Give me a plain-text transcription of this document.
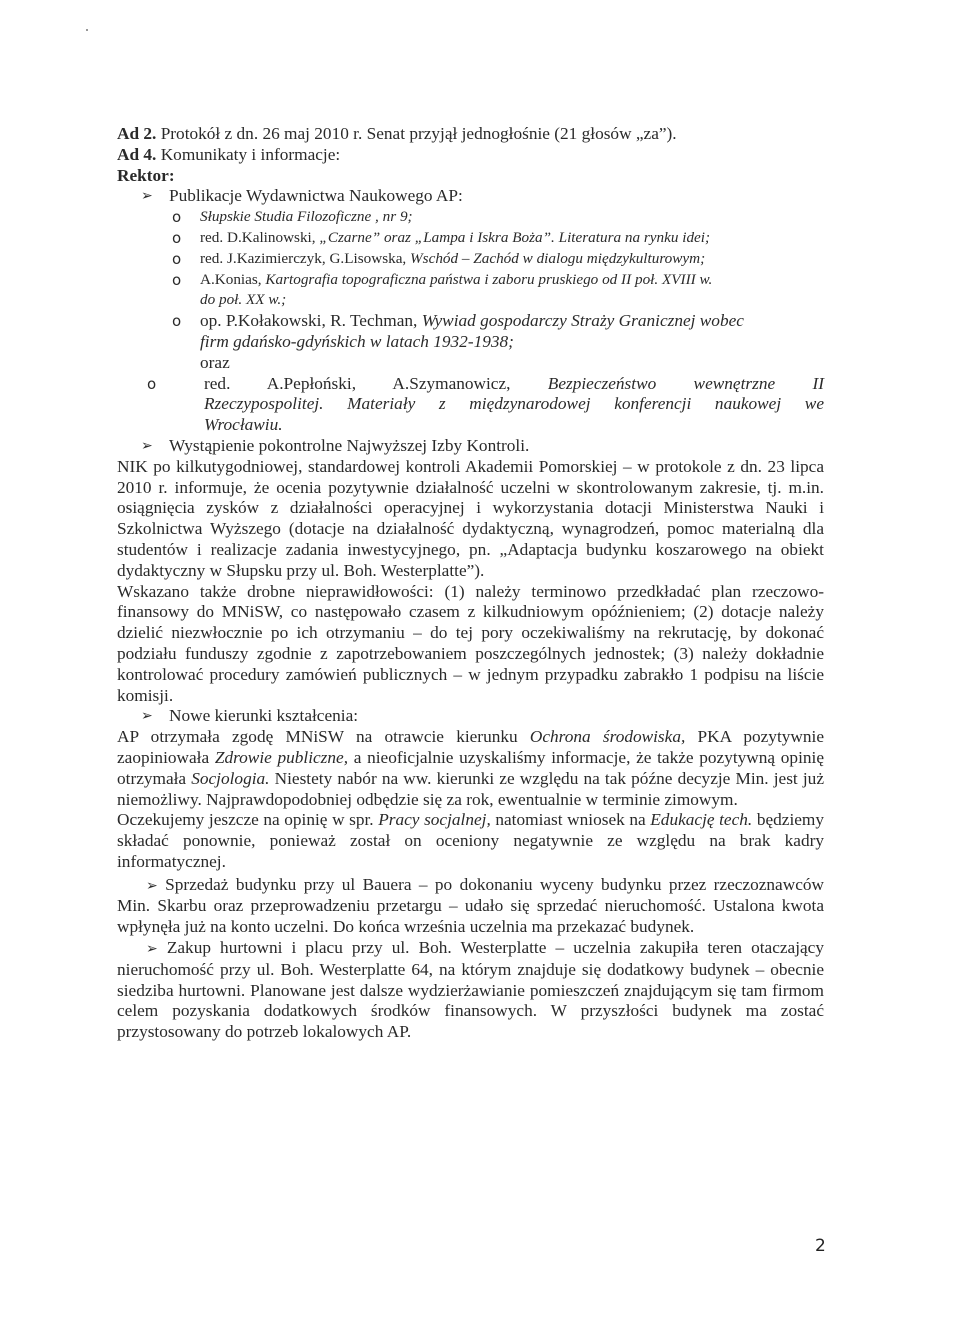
Ad 2. Protokół z dn. 26 maj 2010 r. Senat przyjął jednogłośnie (21 głosów „za”).
Ad 4. Komunikaty i informacje:
Rektor:
➢ Publikacje Wydawnictwa Naukowego AP:
o Słupskie Studia Filozoficzne , nr 9;
o red. D.Kalinowski, „Czarne” oraz „Lampa i Iskra Boża”. Literatura na rynku idei;
o red. J.Kazimierczyk, G.Lisowska, Wschód – Zachód w dialogu międzykulturowym;
o A.Konias, Kartografia topograficzna państwa i zaboru pruskiego od II poł. XVIII w.
do poł. XX w.;
o op. P.Kołakowski, R. Techman, Wywiad gospodarczy Straży Granicznej wobec
firm gdańsko-gdyńskich w latach 1932-1938;
oraz
o	red. A.Pepłoński, A.Szymanowicz, Bezpieczeństwo wewnętrzne II
Rzeczypospolitej. Materiały z międzynarodowej konferencji naukowej we
Wrocławiu.
➢ Wystąpienie pokontrolne Najwyższej Izby Kontroli.
NIK po kilkutygodniowej, standardowej kontroli Akademii Pomorskiej – w protokole z dn. 23 lipca 2010 r. informuje, że ocenia pozytywnie działalność uczelni w skontrolowanym zakresie, tj. m.in. osiągnięcia zysków z działalności operacyjnej i wykorzystania dotacji Ministerstwa Nauki i Szkolnictwa Wyższego (dotacje na działalność dydaktyczną, wynagrodzeń, pomoc materialną dla studentów i realizacje zadania inwestycyjnego, pn. „Adaptacja budynku koszarowego na obiekt dydaktyczny w Słupsku przy ul. Boh. Westerplatte”).
Wskazano także drobne nieprawidłowości: (1) należy terminowo przedkładać plan rzeczowo-finansowy do MNiSW, co następowało czasem z kilkudniowym opóźnieniem; (2) dotacje należy dzielić niezwłocznie po ich otrzymaniu – do tej pory oczekiwaliśmy na rekrutację, by dokonać podziału funduszy zgodnie z zapotrzebowaniem poszczególnych jednostek; (3) należy dokładnie kontrolować procedury zamówień publicznych – w jednym przypadku zabrakło 1 podpisu na liście komisji.
➢ Nowe kierunki kształcenia:
AP otrzymała zgodę MNiSW na otrawcie kierunku Ochrona środowiska, PKA pozytywnie zaopiniowała Zdrowie publiczne, a nieoficjalnie uzyskaliśmy informacje, że także pozytywną opinię otrzymała Socjologia. Niestety nabór na ww. kierunki ze względu na tak późne decyzje Min. jest już niemożliwy. Najprawdopodobniej odbędzie się za rok, ewentualnie w terminie zimowym.
Oczekujemy jeszcze na opinię w spr. Pracy socjalnej, natomiast wniosek na Edukację tech. będziemy składać ponownie, ponieważ został on oceniony negatywnie ze względu na brak kadry informatycznej.
➢ Sprzedaż budynku przy ul Bauera – po dokonaniu wyceny budynku przez rzeczoznawców Min. Skarbu oraz przeprowadzeniu przetargu – udało się sprzedać nieruchomość. Ustalona kwota wpłynęła już na konto uczelni. Do końca września uczelnia ma przekazać budynek.
➢ Zakup hurtowni i placu przy ul. Boh. Westerplatte – uczelnia zakupiła teren otaczający nieruchomość przy ul. Boh. Westerplatte 64, na którym znajduje się dodatkowy budynek – obecnie siedziba hurtowni. Planowane jest dalsze wydzierżawianie pomieszczeń znajdującym się tam firmom celem pozyskania dodatkowych środków finansowych. W przyszłości budynek ma zostać przystosowany do potrzeb lokalowych AP.
2
